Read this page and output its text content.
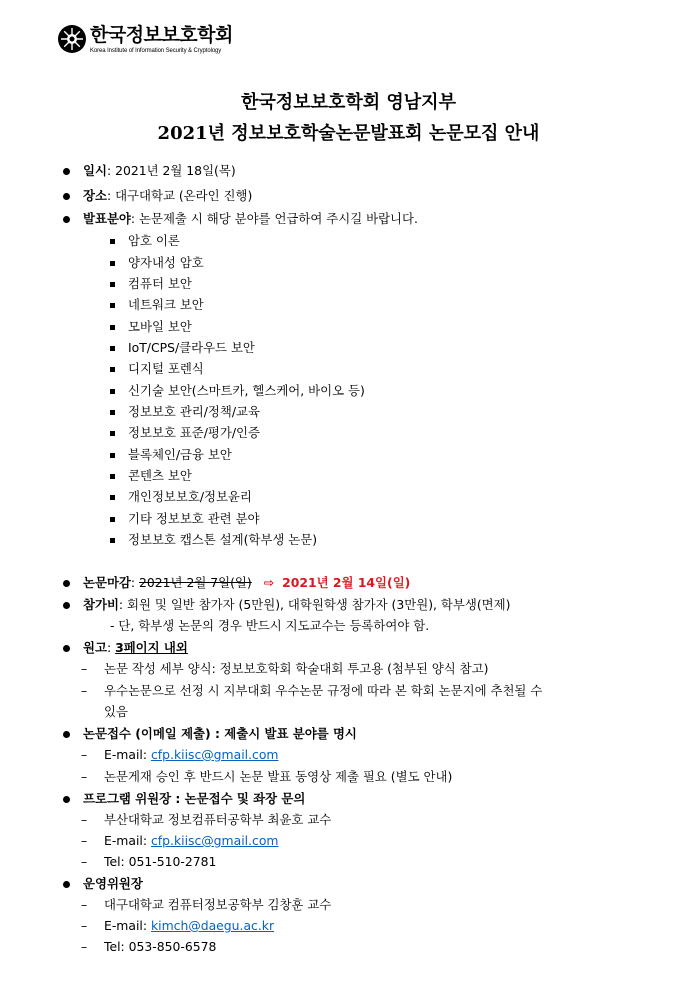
한국정보보호학회
Korea Institute of Information Security & Cryptology
한국정보보호학회 영남지부
2021년 정보보호학술논문발표회 논문모집 안내
일시: 2021년 2월 18일(목)
장소: 대구대학교 (온라인 진행)
발표분야: 논문제출 시 해당 분야를 언급하여 주시길 바랍니다.
암호 이론
양자내성 암호
컴퓨터 보안
네트워크 보안
모바일 보안
IoT/CPS/클라우드 보안
디지털 포렌식
신기술 보안(스마트카, 헬스케어, 바이오 등)
정보보호 관리/정책/교육
정보보호 표준/평가/인증
블록체인/금융 보안
콘텐츠 보안
개인정보보호/정보윤리
기타 정보보호 관련 분야
정보보호 캡스톤 설계(학부생 논문)
논문마감: 2021년 2월 7일(일) ⇨ 2021년 2월 14일(일)
참가비: 회원 및 일반 참가자 (5만원), 대학원학생 참가자 (3만원), 학부생(면제)
- 단, 학부생 논문의 경우 반드시 지도교수는 등록하여야 함.
원고: 3페이지 내외
– 논문 작성 세부 양식: 정보보호학회 학술대회 투고용 (첨부된 양식 참고)
– 우수논문으로 선정 시 지부대회 우수논문 규정에 따라 본 학회 논문지에 추천될 수
있음
논문접수 (이메일 제출) : 제출시 발표 분야를 명시
– E-mail: cfp.kiisc@gmail.com
– 논문게재 승인 후 반드시 논문 발표 동영상 제출 필요 (별도 안내)
프로그램 위원장 : 논문접수 및 좌장 문의
– 부산대학교 정보컴퓨터공학부 최윤호 교수
– E-mail: cfp.kiisc@gmail.com
– Tel: 051-510-2781
운영위원장
– 대구대학교 컴퓨터정보공학부 김창훈 교수
– E-mail: kimch@daegu.ac.kr
– Tel: 053-850-6578
